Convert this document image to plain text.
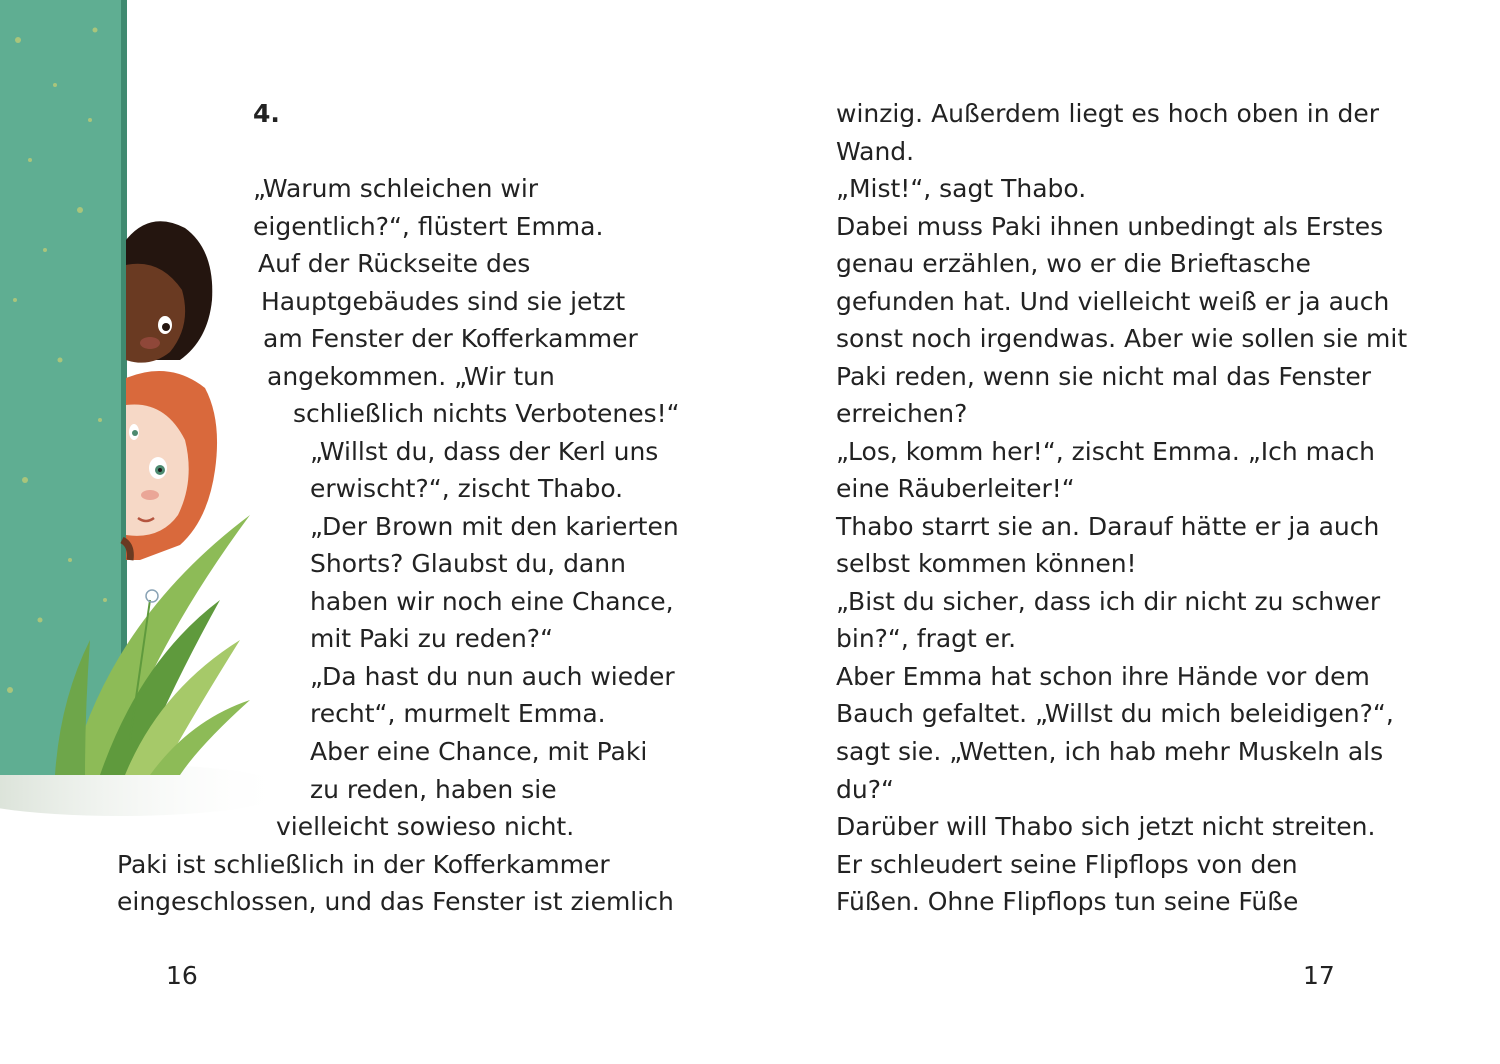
4.

„Warum schleichen wir

eigentlich?“, flüstert Emma.

Auf der Rückseite des

Hauptgebäudes sind sie jetzt

am Fenster der Kofferkammer

angekommen. „Wir tun

schließlich nichts Verbotenes!“

„Willst du, dass der Kerl uns

erwischt?“, zischt Thabo.

„Der Brown mit den karierten

Shorts? Glaubst du, dann

haben wir noch eine Chance,

mit Paki zu reden?“

„Da hast du nun auch wieder

recht“, murmelt Emma.

Aber eine Chance, mit Paki

zu reden, haben sie

vielleicht sowieso nicht.

Paki ist schließlich in der Kofferkammer

eingeschlossen, und das Fenster ist ziemlich

16

winzig. Außerdem liegt es hoch oben in der

Wand.

„Mist!“, sagt Thabo.

Dabei muss Paki ihnen unbedingt als Erstes

genau erzählen, wo er die Brieftasche

gefunden hat. Und vielleicht weiß er ja auch

sonst noch irgendwas. Aber wie sollen sie mit

Paki reden, wenn sie nicht mal das Fenster

erreichen?

„Los, komm her!“, zischt Emma. „Ich mach

eine Räuberleiter!“

Thabo starrt sie an. Darauf hätte er ja auch

selbst kommen können!

„Bist du sicher, dass ich dir nicht zu schwer

bin?“, fragt er.

Aber Emma hat schon ihre Hände vor dem

Bauch gefaltet. „Willst du mich beleidigen?“,

sagt sie. „Wetten, ich hab mehr Muskeln als

du?“

Darüber will Thabo sich jetzt nicht streiten.

Er schleudert seine Flipflops von den

Füßen. Ohne Flipflops tun seine Füße

17
